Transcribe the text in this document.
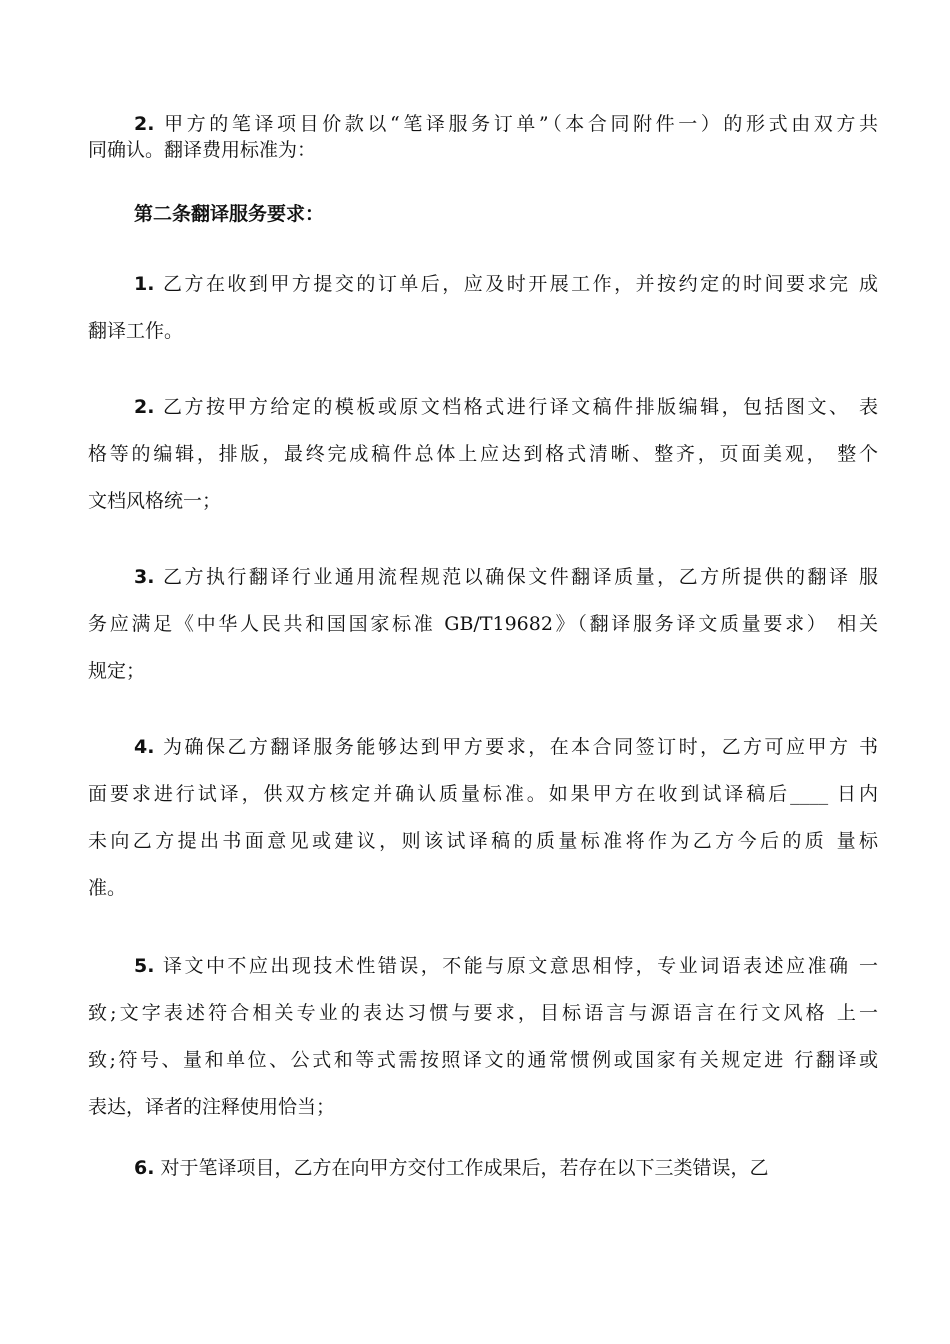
2. 甲方的笔译项目价款以“笔译服务订单”（本合同附件一）的形式由双方共
同确认。翻译费用标准为：
第二条翻译服务要求：
1. 乙方在收到甲方提交的订单后，应及时开展工作，并按约定的时间要求完 成
翻译工作。
2. 乙方按甲方给定的模板或原文档格式进行译文稿件排版编辑，包括图文、 表
格等的编辑，排版，最终完成稿件总体上应达到格式清晰、整齐，页面美观， 整个
文档风格统一；
3. 乙方执行翻译行业通用流程规范以确保文件翻译质量，乙方所提供的翻译 服
务应满足《中华人民共和国国家标准 GB/T19682》（翻译服务译文质量要求） 相关
规定；
4. 为确保乙方翻译服务能够达到甲方要求，在本合同签订时，乙方可应甲方 书
面要求进行试译，供双方核定并确认质量标准。如果甲方在收到试译稿后____ 日内
未向乙方提出书面意见或建议，则该试译稿的质量标准将作为乙方今后的质 量标
准。
5. 译文中不应出现技术性错误，不能与原文意思相悖，专业词语表述应准确 一
致;文字表述符合相关专业的表达习惯与要求，目标语言与源语言在行文风格 上一
致;符号、量和单位、公式和等式需按照译文的通常惯例或国家有关规定进 行翻译或
表达，译者的注释使用恰当；
6. 对于笔译项目，乙方在向甲方交付工作成果后，若存在以下三类错误，乙
